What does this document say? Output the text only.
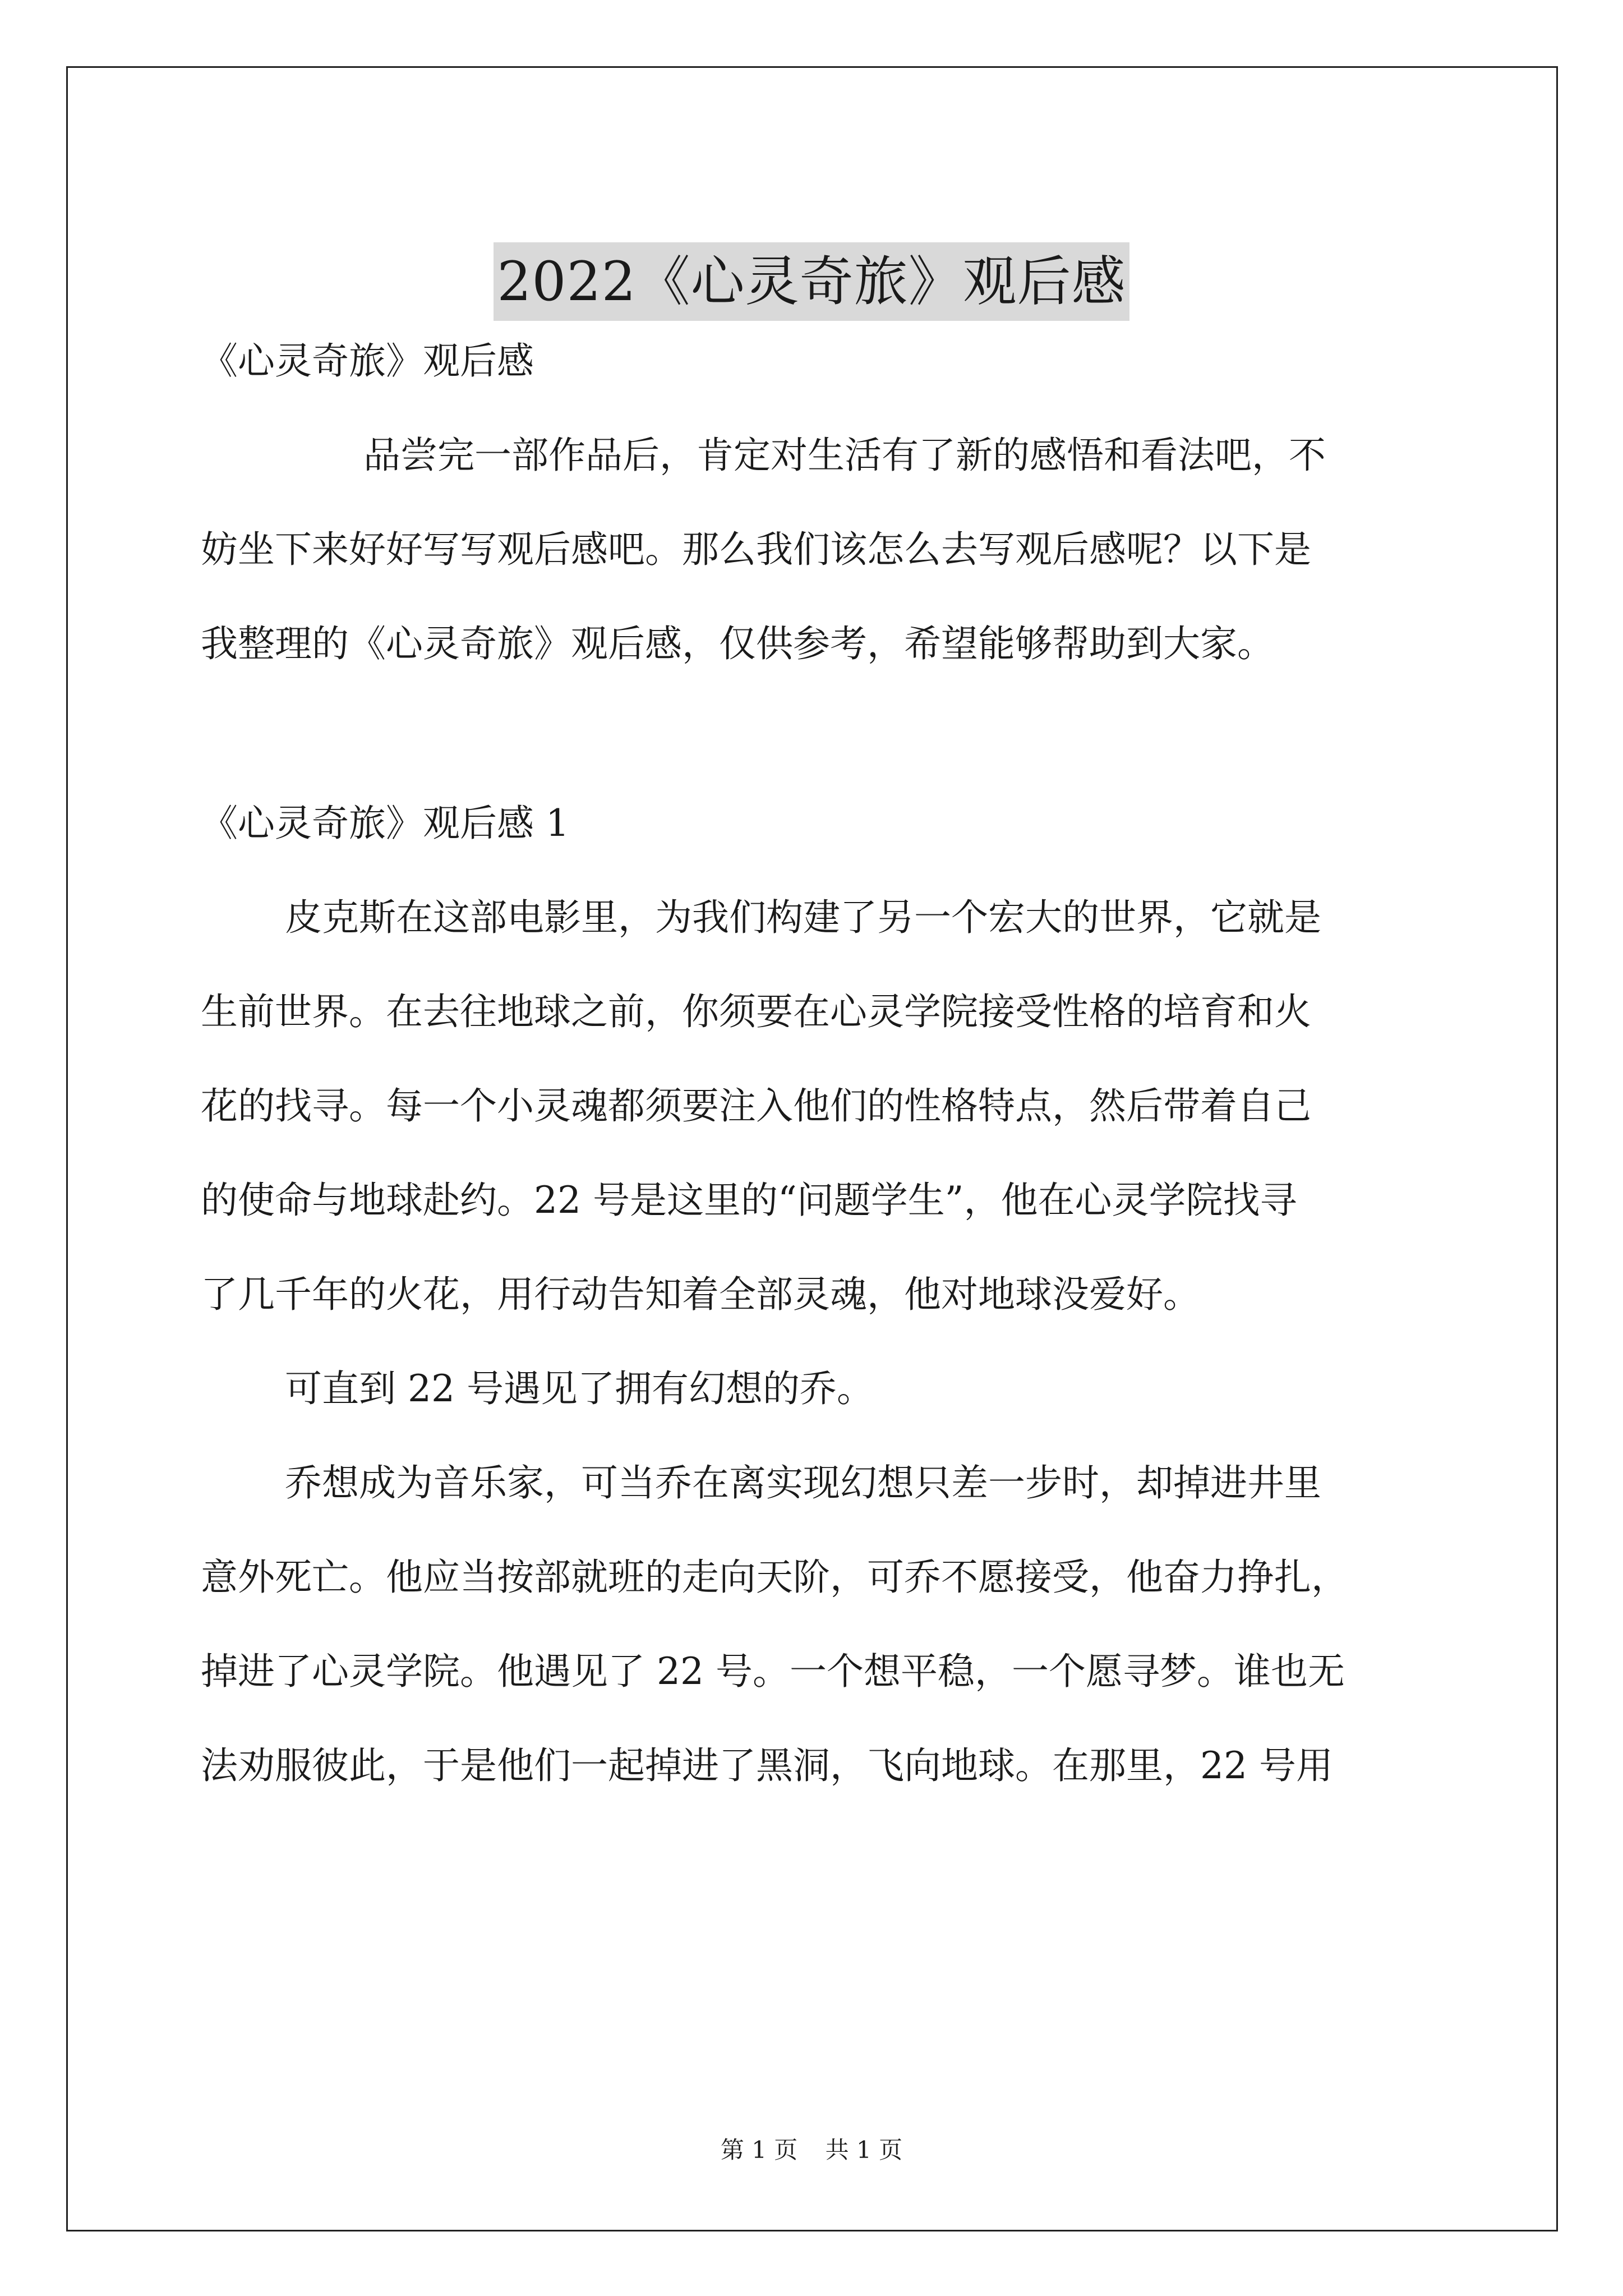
2022《心灵奇旅》观后感
《心灵奇旅》观后感
品尝完一部作品后，肯定对生活有了新的感悟和看法吧，不
妨坐下来好好写写观后感吧。那么我们该怎么去写观后感呢？以下是
我整理的《心灵奇旅》观后感，仅供参考，希望能够帮助到大家。
《心灵奇旅》观后感 1
皮克斯在这部电影里，为我们构建了另一个宏大的世界，它就是
生前世界。在去往地球之前，你须要在心灵学院接受性格的培育和火
花的找寻。每一个小灵魂都须要注入他们的性格特点，然后带着自己
的使命与地球赴约。22 号是这里的“问题学生”，他在心灵学院找寻
了几千年的火花，用行动告知着全部灵魂，他对地球没爱好。
可直到 22 号遇见了拥有幻想的乔。
乔想成为音乐家，可当乔在离实现幻想只差一步时，却掉进井里
意外死亡。他应当按部就班的走向天阶，可乔不愿接受，他奋力挣扎，
掉进了心灵学院。他遇见了 22 号。一个想平稳，一个愿寻梦。谁也无
法劝服彼此，于是他们一起掉进了黑洞，飞向地球。在那里，22 号用
第 1 页 共 1 页
